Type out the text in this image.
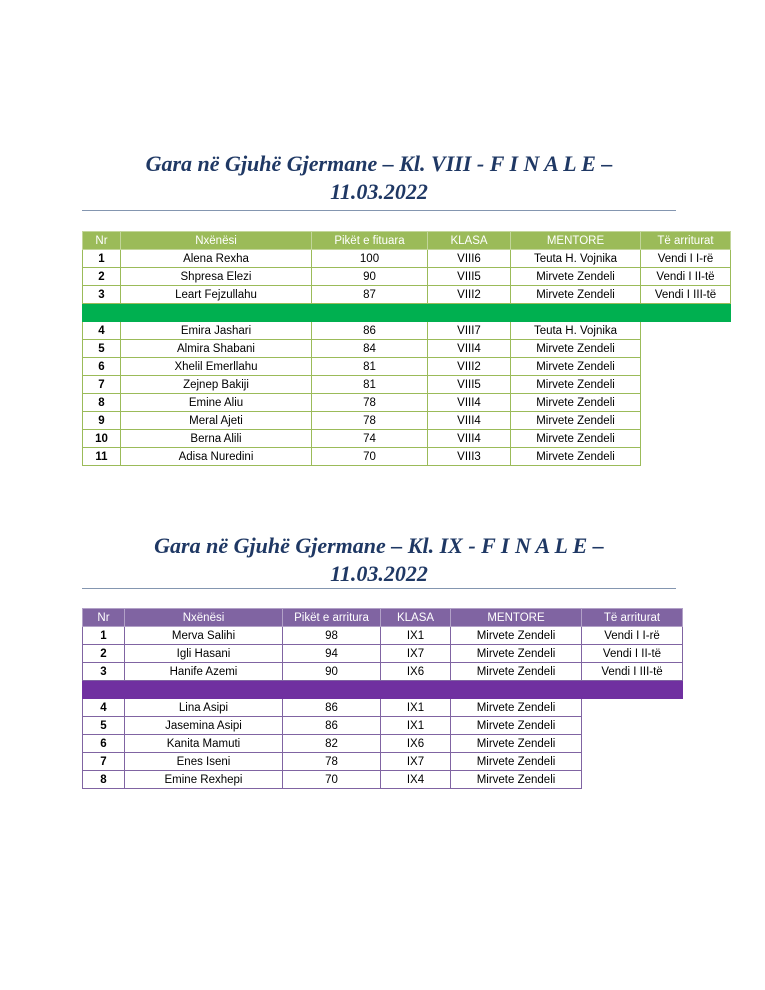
Gara në Gjuhë Gjermane – Kl. VIII - F I N A L E –
11.03.2022
Nr	Nxënësi	Pikët e fituara	KLASA	MENTORE	Të arriturat
1	Alena Rexha	100	VIII6	Teuta H. Vojnika	Vendi I I-rë
2	Shpresa Elezi	90	VIII5	Mirvete Zendeli	Vendi I II-të
3	Leart Fejzullahu	87	VIII2	Mirvete Zendeli	Vendi I III-të

4	Emira Jashari	86	VIII7	Teuta H. Vojnika	
5	Almira Shabani	84	VIII4	Mirvete Zendeli	
6	Xhelil Emerllahu	81	VIII2	Mirvete Zendeli	
7	Zejnep Bakiji	81	VIII5	Mirvete Zendeli	
8	Emine Aliu	78	VIII4	Mirvete Zendeli	
9	Meral Ajeti	78	VIII4	Mirvete Zendeli	
10	Berna Alili	74	VIII4	Mirvete Zendeli	
11	Adisa Nuredini	70	VIII3	Mirvete Zendeli	
Gara në Gjuhë Gjermane – Kl. IX - F I N A L E –
11.03.2022
Nr	Nxënësi	Pikët e arritura	KLASA	MENTORE	Të arriturat
1	Merva Salihi	98	IX1	Mirvete Zendeli	Vendi I I-rë
2	Igli Hasani	94	IX7	Mirvete Zendeli	Vendi I II-të
3	Hanife Azemi	90	IX6	Mirvete Zendeli	Vendi I III-të

4	Lina Asipi	86	IX1	Mirvete Zendeli	
5	Jasemina Asipi	86	IX1	Mirvete Zendeli	
6	Kanita Mamuti	82	IX6	Mirvete Zendeli	
7	Enes Iseni	78	IX7	Mirvete Zendeli	
8	Emine Rexhepi	70	IX4	Mirvete Zendeli	
